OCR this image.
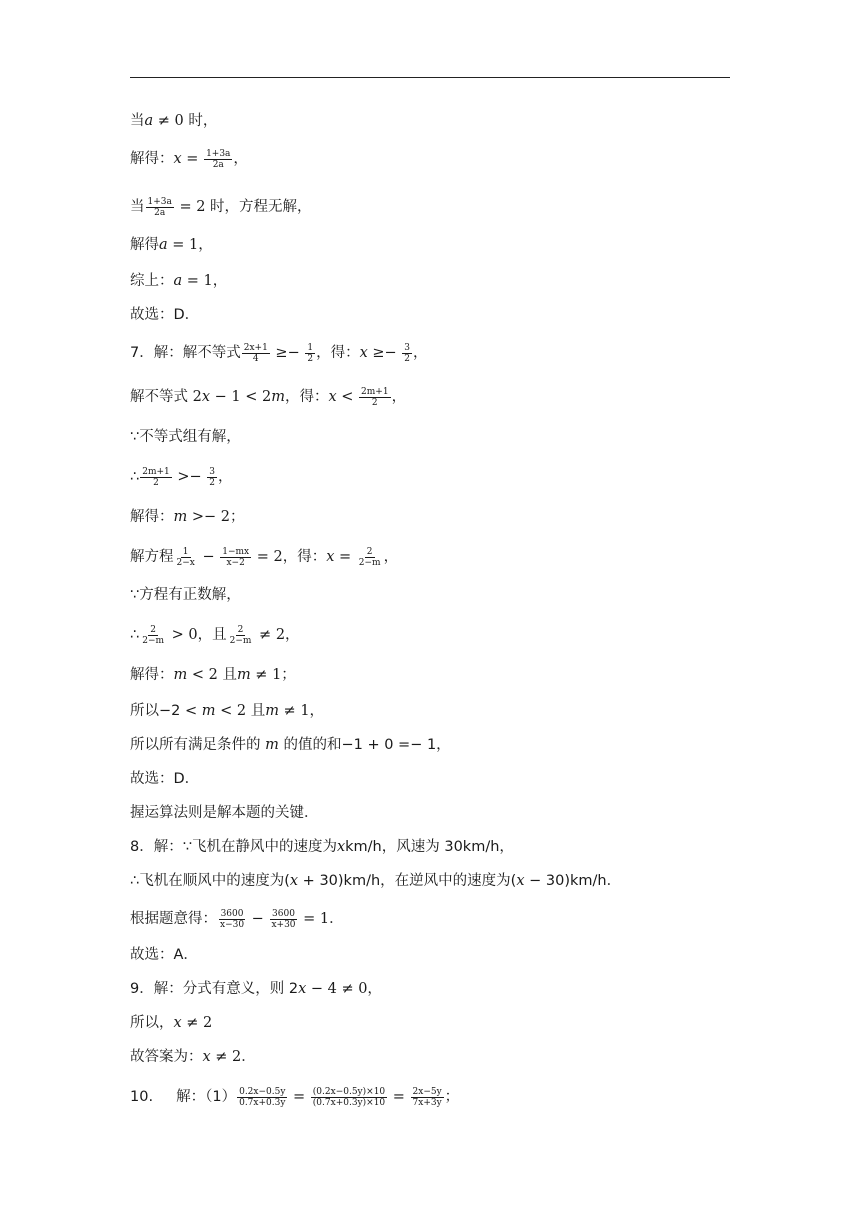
当a ≠ 0 时，
解得：$x = \frac{1+3a}{2a}$ ，
当 $\frac{1+3a}{2a} = 2$ 时，方程无解，
解得a = 1，
综上：a = 1，
故选：D．
7．解：解不等式 $\frac{2x+1}{4} \ge- \frac{1}{2}$ ，得：$x \ge- \frac{3}{2}$ ，
解不等式 2x − 1 < 2m，得：$x < \frac{2m+1}{2}$ ，
∵不等式组有解，
∴ $\frac{2m+1}{2} >- \frac{3}{2}$ ，
解得：m >− 2；
解方程 $\frac{1}{2-x} - \frac{1-mx}{x-2} = 2$，得：$x = \frac{2}{2-m}$ ，
∵方程有正数解，
∴ $\frac{2}{2-m} > 0$，且 $\frac{2}{2-m} \ne 2$，
解得：m < 2 且m ≠ 1；
所以−2 < m < 2 且m ≠ 1，
所以所有满足条件的 m 的值的和−1 + 0 =− 1，
故选：D．
握运算法则是解本题的关键．
8．解：∵飞机在静风中的速度为xkm/h，风速为 30km/h，
∴飞机在顺风中的速度为(x + 30)km/h，在逆风中的速度为(x − 30)km/h．
根据题意得： $\frac{3600}{x-30} - \frac{3600}{x+30} = 1$．
故选：A．
9．解：分式有意义，则 2x − 4 ≠ 0，
所以，x ≠ 2
故答案为：x ≠ 2．
10.     解：$(1) \frac{0.2x-0.5y}{0.7x+0.3y} = \frac{(0.2x-0.5y)\times 10}{(0.7x+0.3y)\times 10} = \frac{2x-5y}{7x+3y}$ ；
